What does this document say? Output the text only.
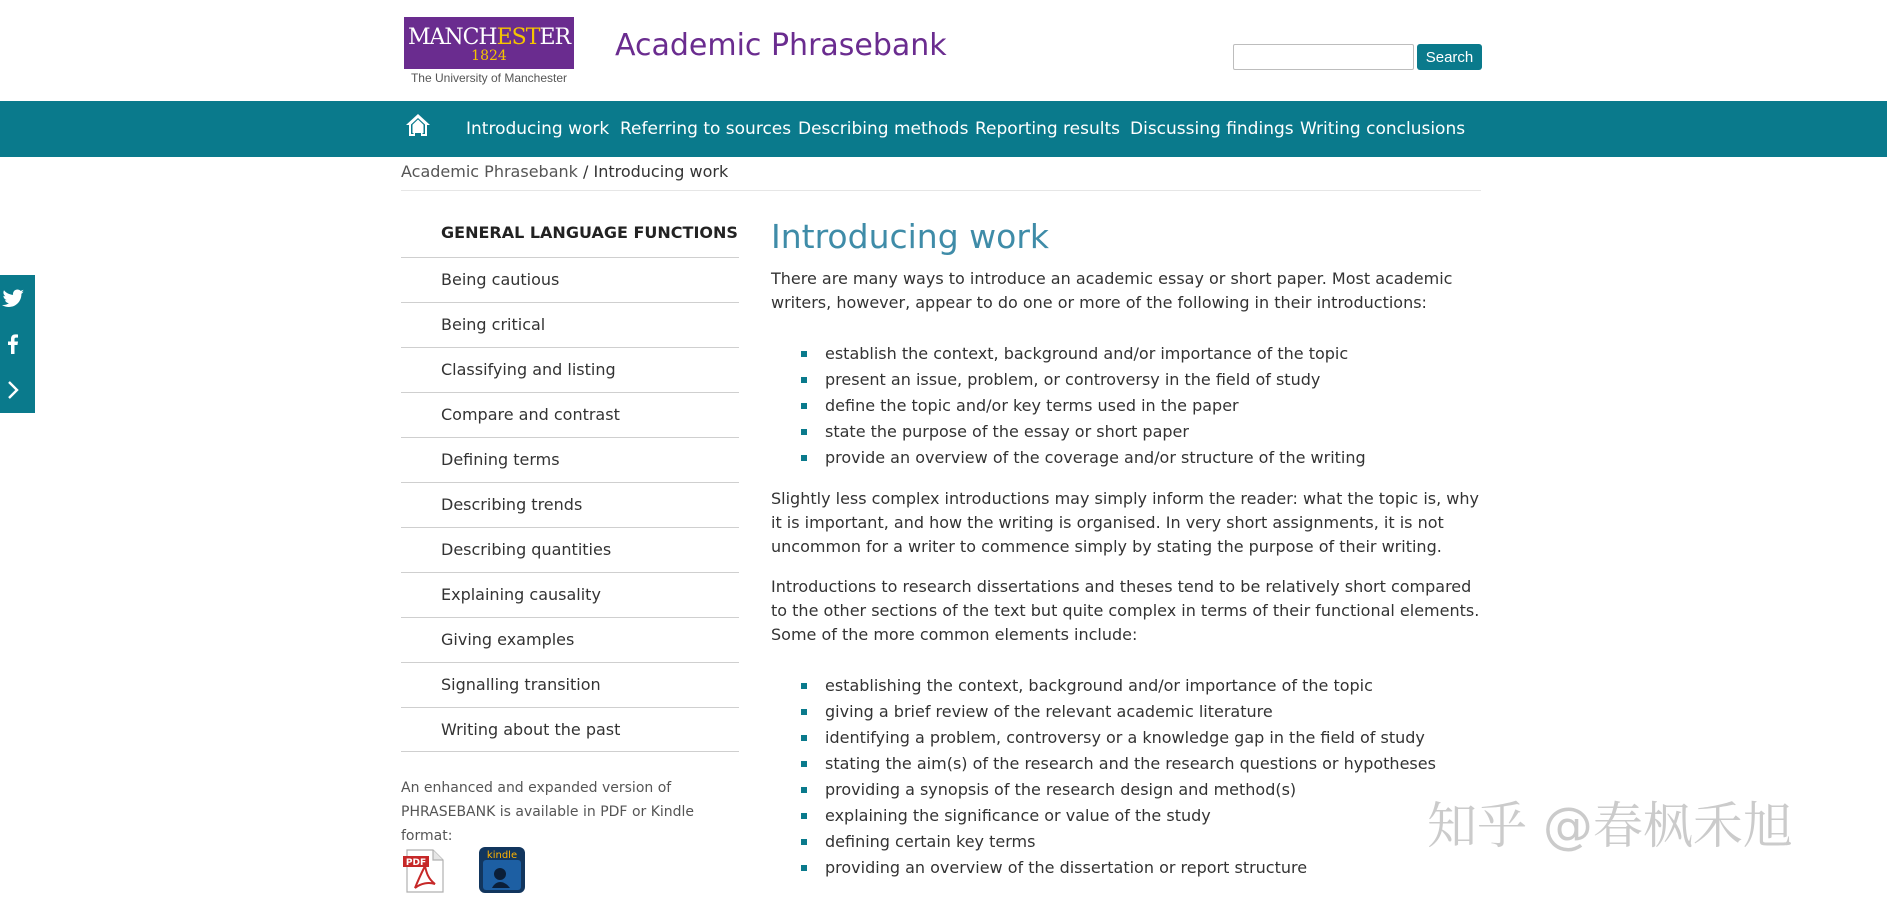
MANCHESTER
1824
The University of Manchester
Academic Phrasebank	Search
Introducing work Referring to sources Describing methods Reporting results Discussing findings Writing conclusions
Academic Phrasebank / Introducing work
GENERAL LANGUAGE FUNCTIONS
Being cautious
Being critical
Classifying and listing
Compare and contrast
Defining terms
Describing trends
Describing quantities
Explaining causality
Giving examples
Signalling transition
Writing about the past
An enhanced and expanded version of
PHRASEBANK is available in PDF or Kindle format:
PDF
kindle
Introducing work

There are many ways to introduce an academic essay or short paper. Most academic writers, however, appear to do one or more of the following in their introductions:

establish the context, background and/or importance of the topic
present an issue, problem, or controversy in the field of study
define the topic and/or key terms used in the paper
state the purpose of the essay or short paper
provide an overview of the coverage and/or structure of the writing

Slightly less complex introductions may simply inform the reader: what the topic is, why it is important, and how the writing is organised. In very short assignments, it is not uncommon for a writer to commence simply by stating the purpose of their writing.

Introductions to research dissertations and theses tend to be relatively short compared to the other sections of the text but quite complex in terms of their functional elements. Some of the more common elements include:

establishing the context, background and/or importance of the topic
giving a brief review of the relevant academic literature
identifying a problem, controversy or a knowledge gap in the field of study
stating the aim(s) of the research and the research questions or hypotheses
providing a synopsis of the research design and method(s)
explaining the significance or value of the study
defining certain key terms
providing an overview of the dissertation or report structure
知乎 @春枫禾旭
